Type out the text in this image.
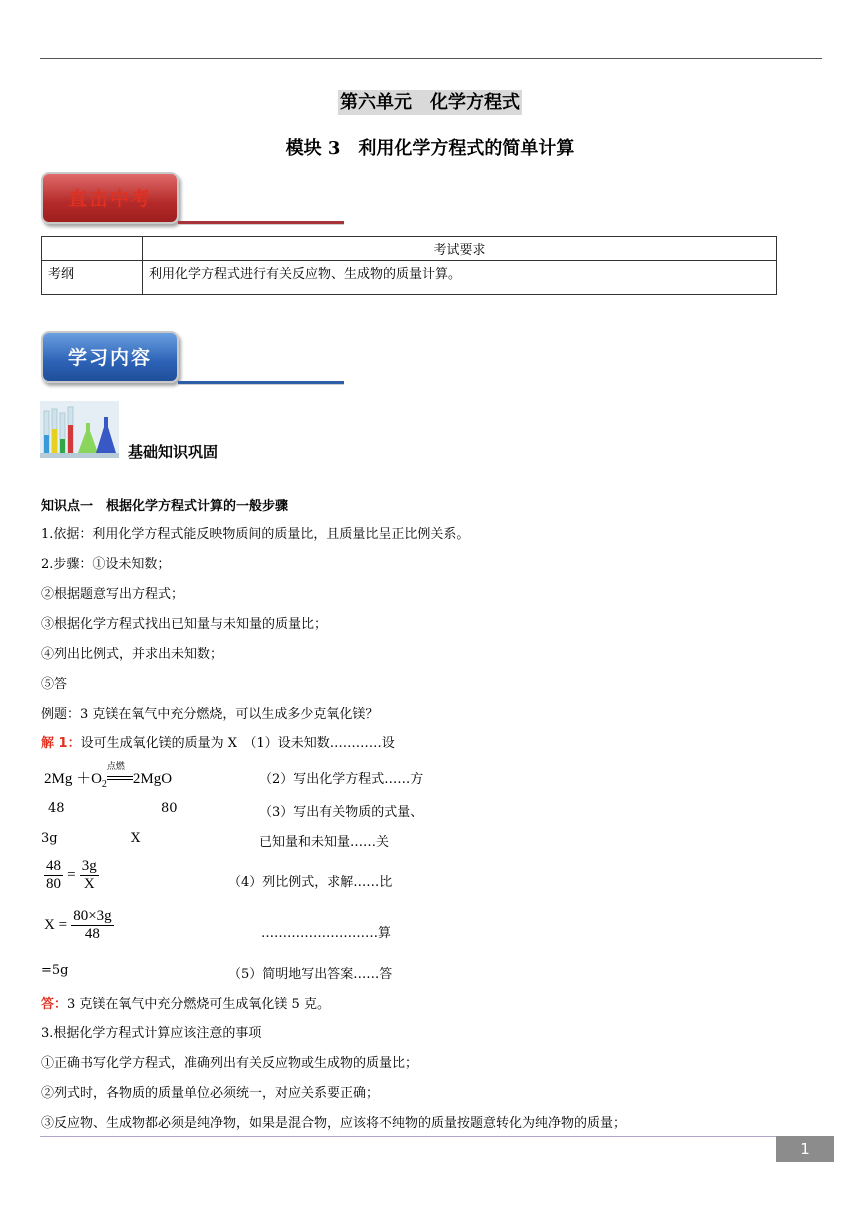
第六单元　化学方程式
模块 3　利用化学方程式的简单计算
直击中考
	考试要求
考纲	利用化学方程式进行有关反应物、生成物的质量计算。
学习内容
基础知识巩固
知识点一　根据化学方程式计算的一般步骤
1.依据：利用化学方程式能反映物质间的质量比，且质量比呈正比例关系。
2.步骤：①设未知数；
②根据题意写出方程式；
③根据化学方程式找出已知量与未知量的质量比；
④列出比例式，并求出未知数；
⑤答
例题：3 克镁在氧气中充分燃烧，可以生成多少克氧化镁？
解 1：设可生成氧化镁的质量为 X　（1）设未知数…………设
$2Mg +O_2$
点燃
2MgO	（2）写出化学方程式……方
48	80	（3）写出有关物质的式量、
3g	X	已知量和未知量……关
$\frac{48}{80} = \frac{3g}{X}$	（4）列比例式，求解……比
$X = \frac{80\times 3g}{48}$	………………………算
=5g	（5）简明地写出答案……答
答：3 克镁在氧气中充分燃烧可生成氧化镁 5 克。
3.根据化学方程式计算应该注意的事项
①正确书写化学方程式，准确列出有关反应物或生成物的质量比；
②列式时，各物质的质量单位必须统一，对应关系要正确；
③反应物、生成物都必须是纯净物，如果是混合物，应该将不纯物的质量按题意转化为纯净物的质量；
1
